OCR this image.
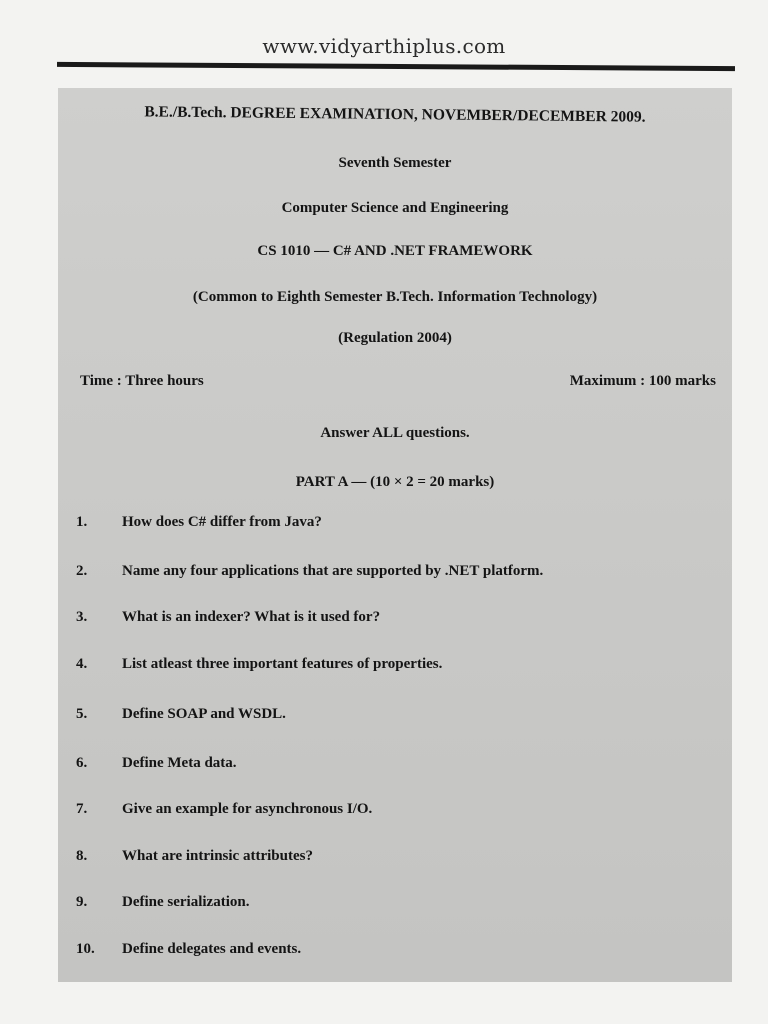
www.vidyarthiplus.com
B.E./B.Tech. DEGREE EXAMINATION, NOVEMBER/DECEMBER 2009.
Seventh Semester
Computer Science and Engineering
CS 1010 — C# AND .NET FRAMEWORK
(Common to Eighth Semester B.Tech. Information Technology)
(Regulation 2004)
Time : Three hours	Maximum : 100 marks
Answer ALL questions.
PART A — (10 × 2 = 20 marks)
1.	How does C# differ from Java?
2.	Name any four applications that are supported by .NET platform.
3.	What is an indexer? What is it used for?
4.	List atleast three important features of properties.
5.	Define SOAP and WSDL.
6.	Define Meta data.
7.	Give an example for asynchronous I/O.
8.	What are intrinsic attributes?
9.	Define serialization.
10.	Define delegates and events.
